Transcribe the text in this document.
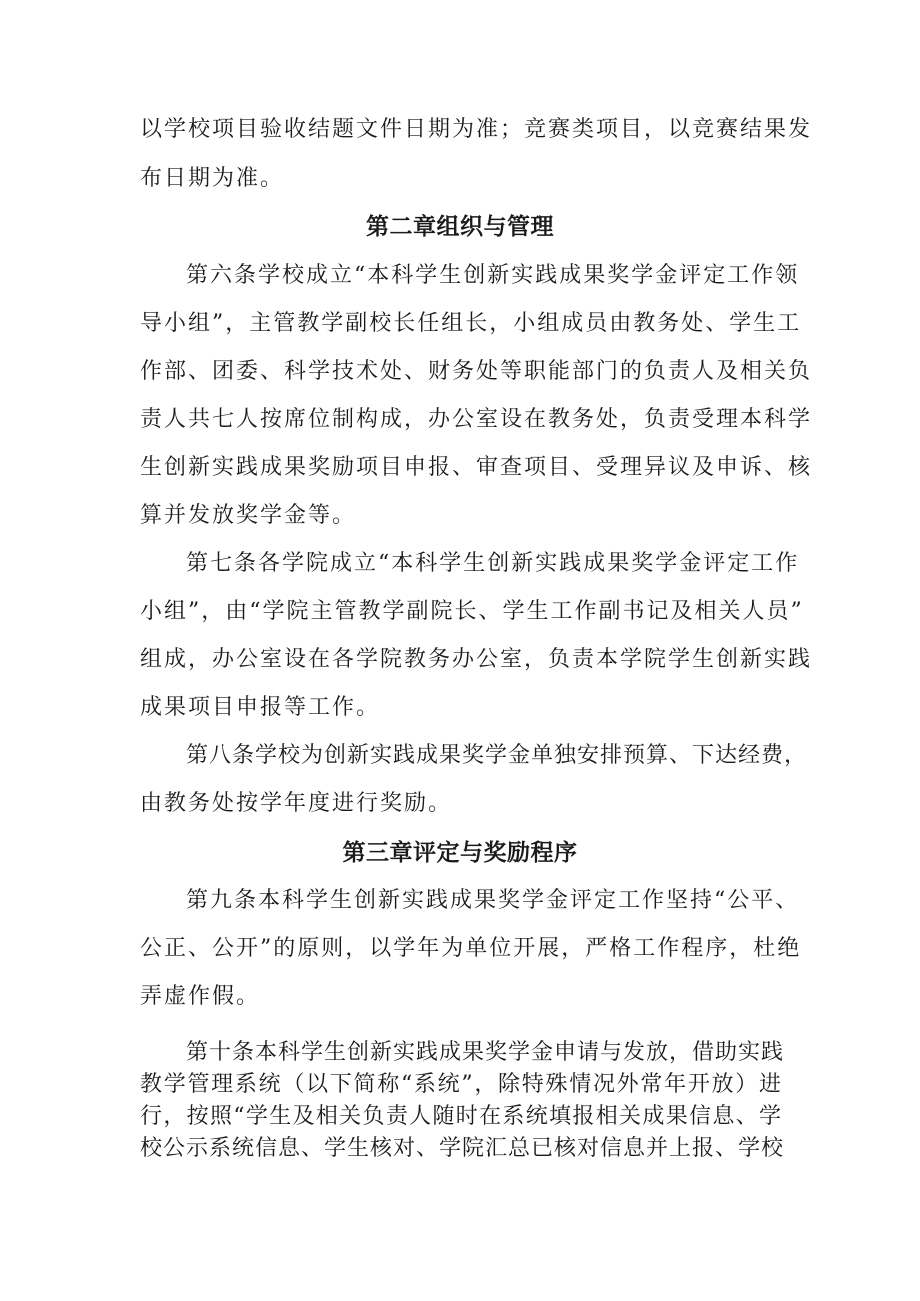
以学校项目验收结题文件日期为准；竞赛类项目，以竞赛结果发
布日期为准。
第二章组织与管理
第六条学校成立“本科学生创新实践成果奖学金评定工作领
导小组”，主管教学副校长任组长，小组成员由教务处、学生工
作部、团委、科学技术处、财务处等职能部门的负责人及相关负
责人共七人按席位制构成，办公室设在教务处，负责受理本科学
生创新实践成果奖励项目申报、审查项目、受理异议及申诉、核
算并发放奖学金等。
第七条各学院成立“本科学生创新实践成果奖学金评定工作
小组”，由“学院主管教学副院长、学生工作副书记及相关人员”
组成，办公室设在各学院教务办公室，负责本学院学生创新实践
成果项目申报等工作。
第八条学校为创新实践成果奖学金单独安排预算、下达经费，
由教务处按学年度进行奖励。
第三章评定与奖励程序
第九条本科学生创新实践成果奖学金评定工作坚持“公平、
公正、公开”的原则，以学年为单位开展，严格工作程序，杜绝
弄虚作假。
第十条本科学生创新实践成果奖学金申请与发放，借助实践
教学管理系统（以下简称“系统”，除特殊情况外常年开放）进
行，按照“学生及相关负责人随时在系统填报相关成果信息、学
校公示系统信息、学生核对、学院汇总已核对信息并上报、学校
